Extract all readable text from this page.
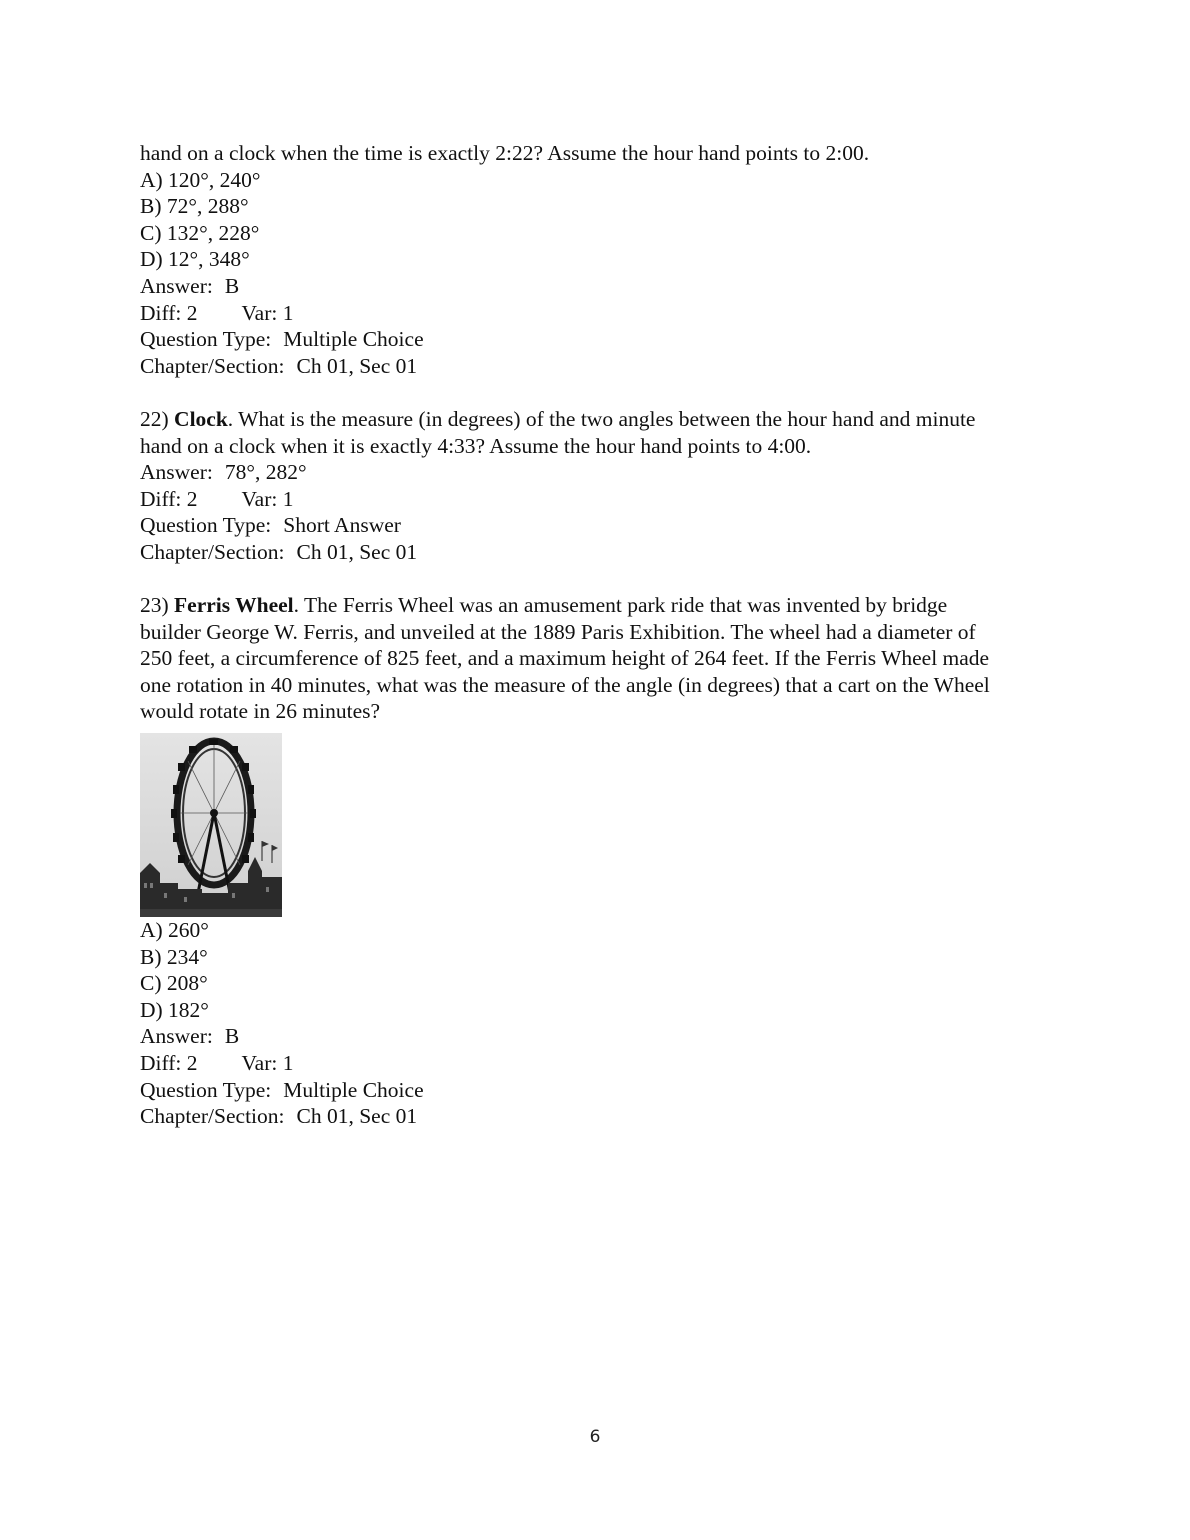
hand on a clock when the time is exactly 2:22? Assume the hour hand points to 2:00.
A) 120°, 240°
B) 72°, 288°
C) 132°, 228°
D) 12°, 348°
Answer: B
Diff: 2 Var: 1
Question Type: Multiple Choice
Chapter/Section: Ch 01, Sec 01
22) Clock. What is the measure (in degrees) of the two angles between the hour hand and minute
hand on a clock when it is exactly 4:33? Assume the hour hand points to 4:00.
Answer: 78°, 282°
Diff: 2 Var: 1
Question Type: Short Answer
Chapter/Section: Ch 01, Sec 01
23) Ferris Wheel. The Ferris Wheel was an amusement park ride that was invented by bridge
builder George W. Ferris, and unveiled at the 1889 Paris Exhibition. The wheel had a diameter of
250 feet, a circumference of 825 feet, and a maximum height of 264 feet. If the Ferris Wheel made
one rotation in 40 minutes, what was the measure of the angle (in degrees) that a cart on the Wheel
would rotate in 26 minutes?
A) 260°
B) 234°
C) 208°
D) 182°
Answer: B
Diff: 2 Var: 1
Question Type: Multiple Choice
Chapter/Section: Ch 01, Sec 01
6
